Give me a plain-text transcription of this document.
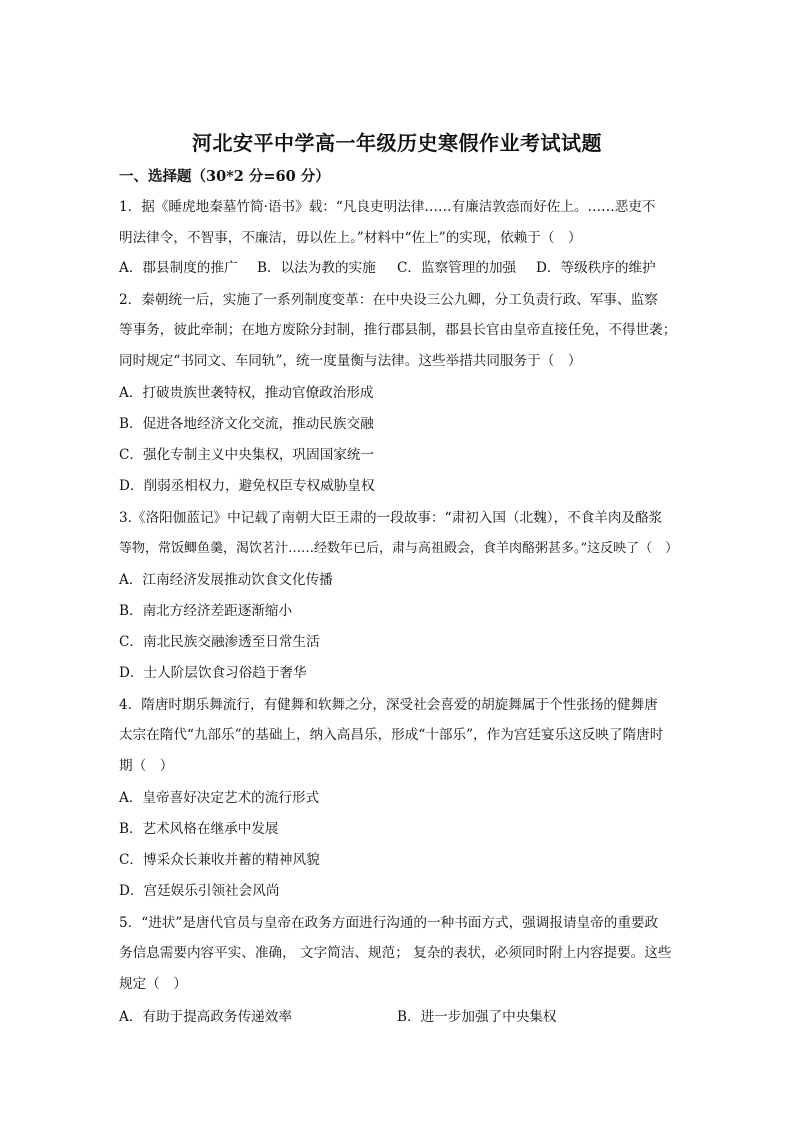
河北安平中学高一年级历史寒假作业考试试题
一、选择题（30*2 分=60 分）
1．据《睡虎地秦墓竹简·语书》载：“凡良吏明法律……有廉洁敦悫而好佐上。……恶吏不
明法律令，不智事，不廉洁，毋以佐上。”材料中“佐上”的实现，依赖于（　）
A．郡县制度的推广 B．以法为教的实施 C．监察管理的加强 D．等级秩序的维护
2．秦朝统一后，实施了一系列制度变革：在中央设三公九卿，分工负责行政、军事、监察
等事务，彼此牵制；在地方废除分封制，推行郡县制，郡县长官由皇帝直接任免，不得世袭；
同时规定“书同文、车同轨”，统一度量衡与法律。这些举措共同服务于（　）
A．打破贵族世袭特权，推动官僚政治形成
B．促进各地经济文化交流，推动民族交融
C．强化专制主义中央集权，巩固国家统一
D．削弱丞相权力，避免权臣专权威胁皇权
3.《洛阳伽蓝记》中记载了南朝大臣王肃的一段故事：“肃初入国（北魏），不食羊肉及酪浆
等物，常饭鲫鱼羹，渴饮茗汁……经数年已后，肃与高祖殿会，食羊肉酪粥甚多。”这反映了（　）
A．江南经济发展推动饮食文化传播
B．南北方经济差距逐渐缩小
C．南北民族交融渗透至日常生活
D．士人阶层饮食习俗趋于奢华
4．隋唐时期乐舞流行，有健舞和软舞之分，深受社会喜爱的胡旋舞属于个性张扬的健舞唐
太宗在隋代“九部乐”的基础上，纳入高昌乐，形成“十部乐”，作为宫廷宴乐这反映了隋唐时
期（　）
A．皇帝喜好决定艺术的流行形式
B．艺术风格在继承中发展
C．博采众长兼收并蓄的精神风貌
D．宫廷娱乐引领社会风尚
5．“进状”是唐代官员与皇帝在政务方面进行沟通的一种书面方式，强调报请皇帝的重要政
务信息需要内容平实、准确， 文字简洁、规范； 复杂的表状，必须同时附上内容提要。这些
规定（　）
A．有助于提高政务传递效率	B．进一步加强了中央集权
